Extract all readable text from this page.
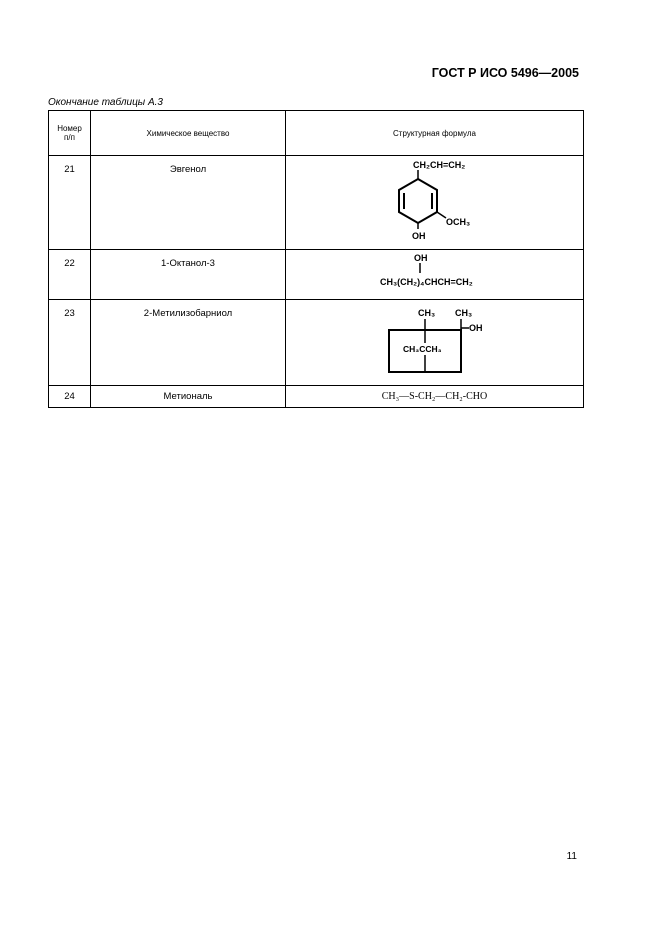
ГОСТ Р ИСО 5496—2005
Окончание таблицы А.3
Номер п/п	Химическое вещество	Структурная формула
21	Эвгенол	CH₂CH=CH₂
OCH₃
OH

22	1-Октанол-3	OH
CH₃(CH₂)₄CHCH=CH₂

23	2-Метилизобарниол	CH₃ CH₃
OH
CH₃CCH₃

24	Метиональ	CH₃—S-CH₂—CH₂-CHO
11
